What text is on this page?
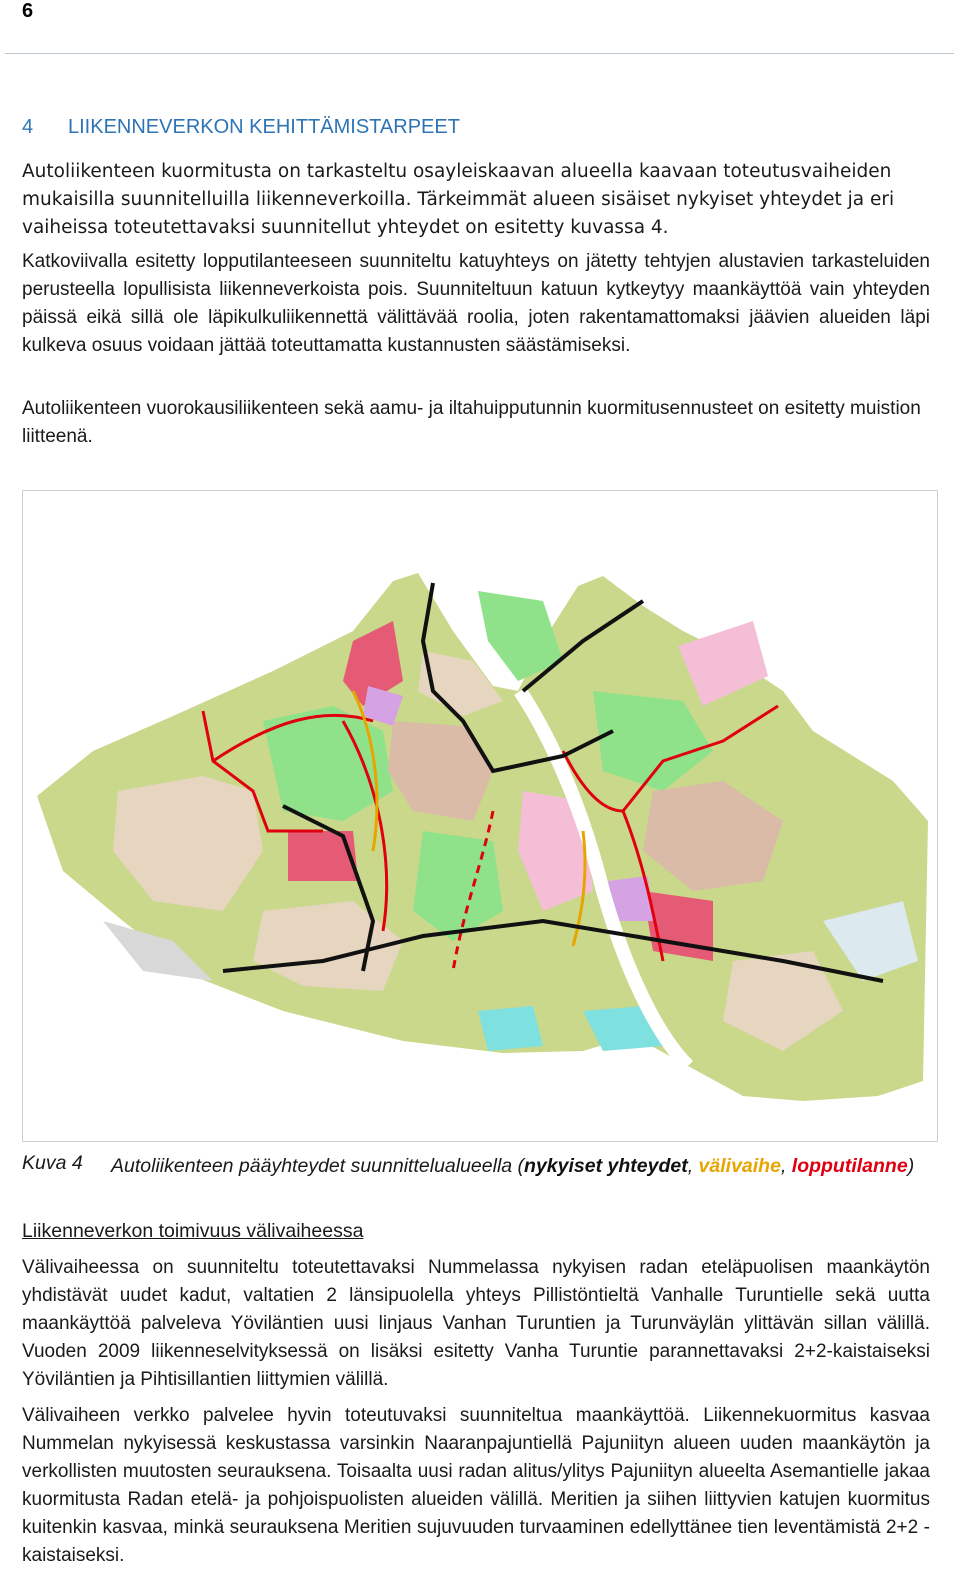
6
4 LIIKENNEVERKON KEHITTÄMISTARPEET

Autoliikenteen kuormitusta on tarkasteltu osayleiskaavan alueella kaavaan toteutusvaiheiden mukaisilla suunnitelluilla liikenneverkoilla. Tärkeimmät alueen sisäiset nykyiset yhteydet ja eri vaiheissa toteutettavaksi suunnitellut yhteydet on esitetty kuvassa 4.

Katkoviivalla esitetty lopputilanteeseen suunniteltu katuyhteys on jätetty tehtyjen alustavien tarkasteluiden perusteella lopullisista liikenneverkoista pois. Suunniteltuun katuun kytkeytyy maankäyttöä vain yhteyden päissä eikä sillä ole läpikulkuliikennettä välittävää roolia, joten rakentamattomaksi jäävien alueiden läpi kulkeva osuus voidaan jättää toteuttamatta kustannusten säästämiseksi.

Autoliikenteen vuorokausiliikenteen sekä aamu- ja iltahuipputunnin kuormitusennusteet on esitetty muistion liitteenä.

Kuva 4 Autoliikenteen pääyhteydet suunnittelualueella (nykyiset yhteydet, välivaihe, lopputilanne)
Liikenneverkon toimivuus välivaiheessa

Välivaiheessa on suunniteltu toteutettavaksi Nummelassa nykyisen radan eteläpuolisen maankäytön yhdistävät uudet kadut, valtatien 2 länsipuolella yhteys Pillistöntieltä Vanhalle Turuntielle sekä uutta maankäyttöä palveleva Yöviläntien uusi linjaus Vanhan Turuntien ja Turunväylän ylittävän sillan välillä. Vuoden 2009 liikenneselvityksessä on lisäksi esitetty Vanha Turuntie parannettavaksi 2+2-kaistaiseksi Yöviläntien ja Pihtisillantien liittymien välillä.

Välivaiheen verkko palvelee hyvin toteutuvaksi suunniteltua maankäyttöä. Liikennekuormitus kasvaa Nummelan nykyisessä keskustassa varsinkin Naaranpajuntiellä Pajuniityn alueen uuden maankäytön ja verkollisten muutosten seurauksena. Toisaalta uusi radan alitus/ylitys Pajuniityn alueelta Asemantielle jakaa kuormitusta Radan etelä- ja pohjoispuolisten alueiden välillä. Meritien ja siihen liittyvien katujen kuormitus kuitenkin kasvaa, minkä seurauksena Meritien sujuvuuden turvaaminen edellyttänee tien leventämistä 2+2 -kaistaiseksi.
